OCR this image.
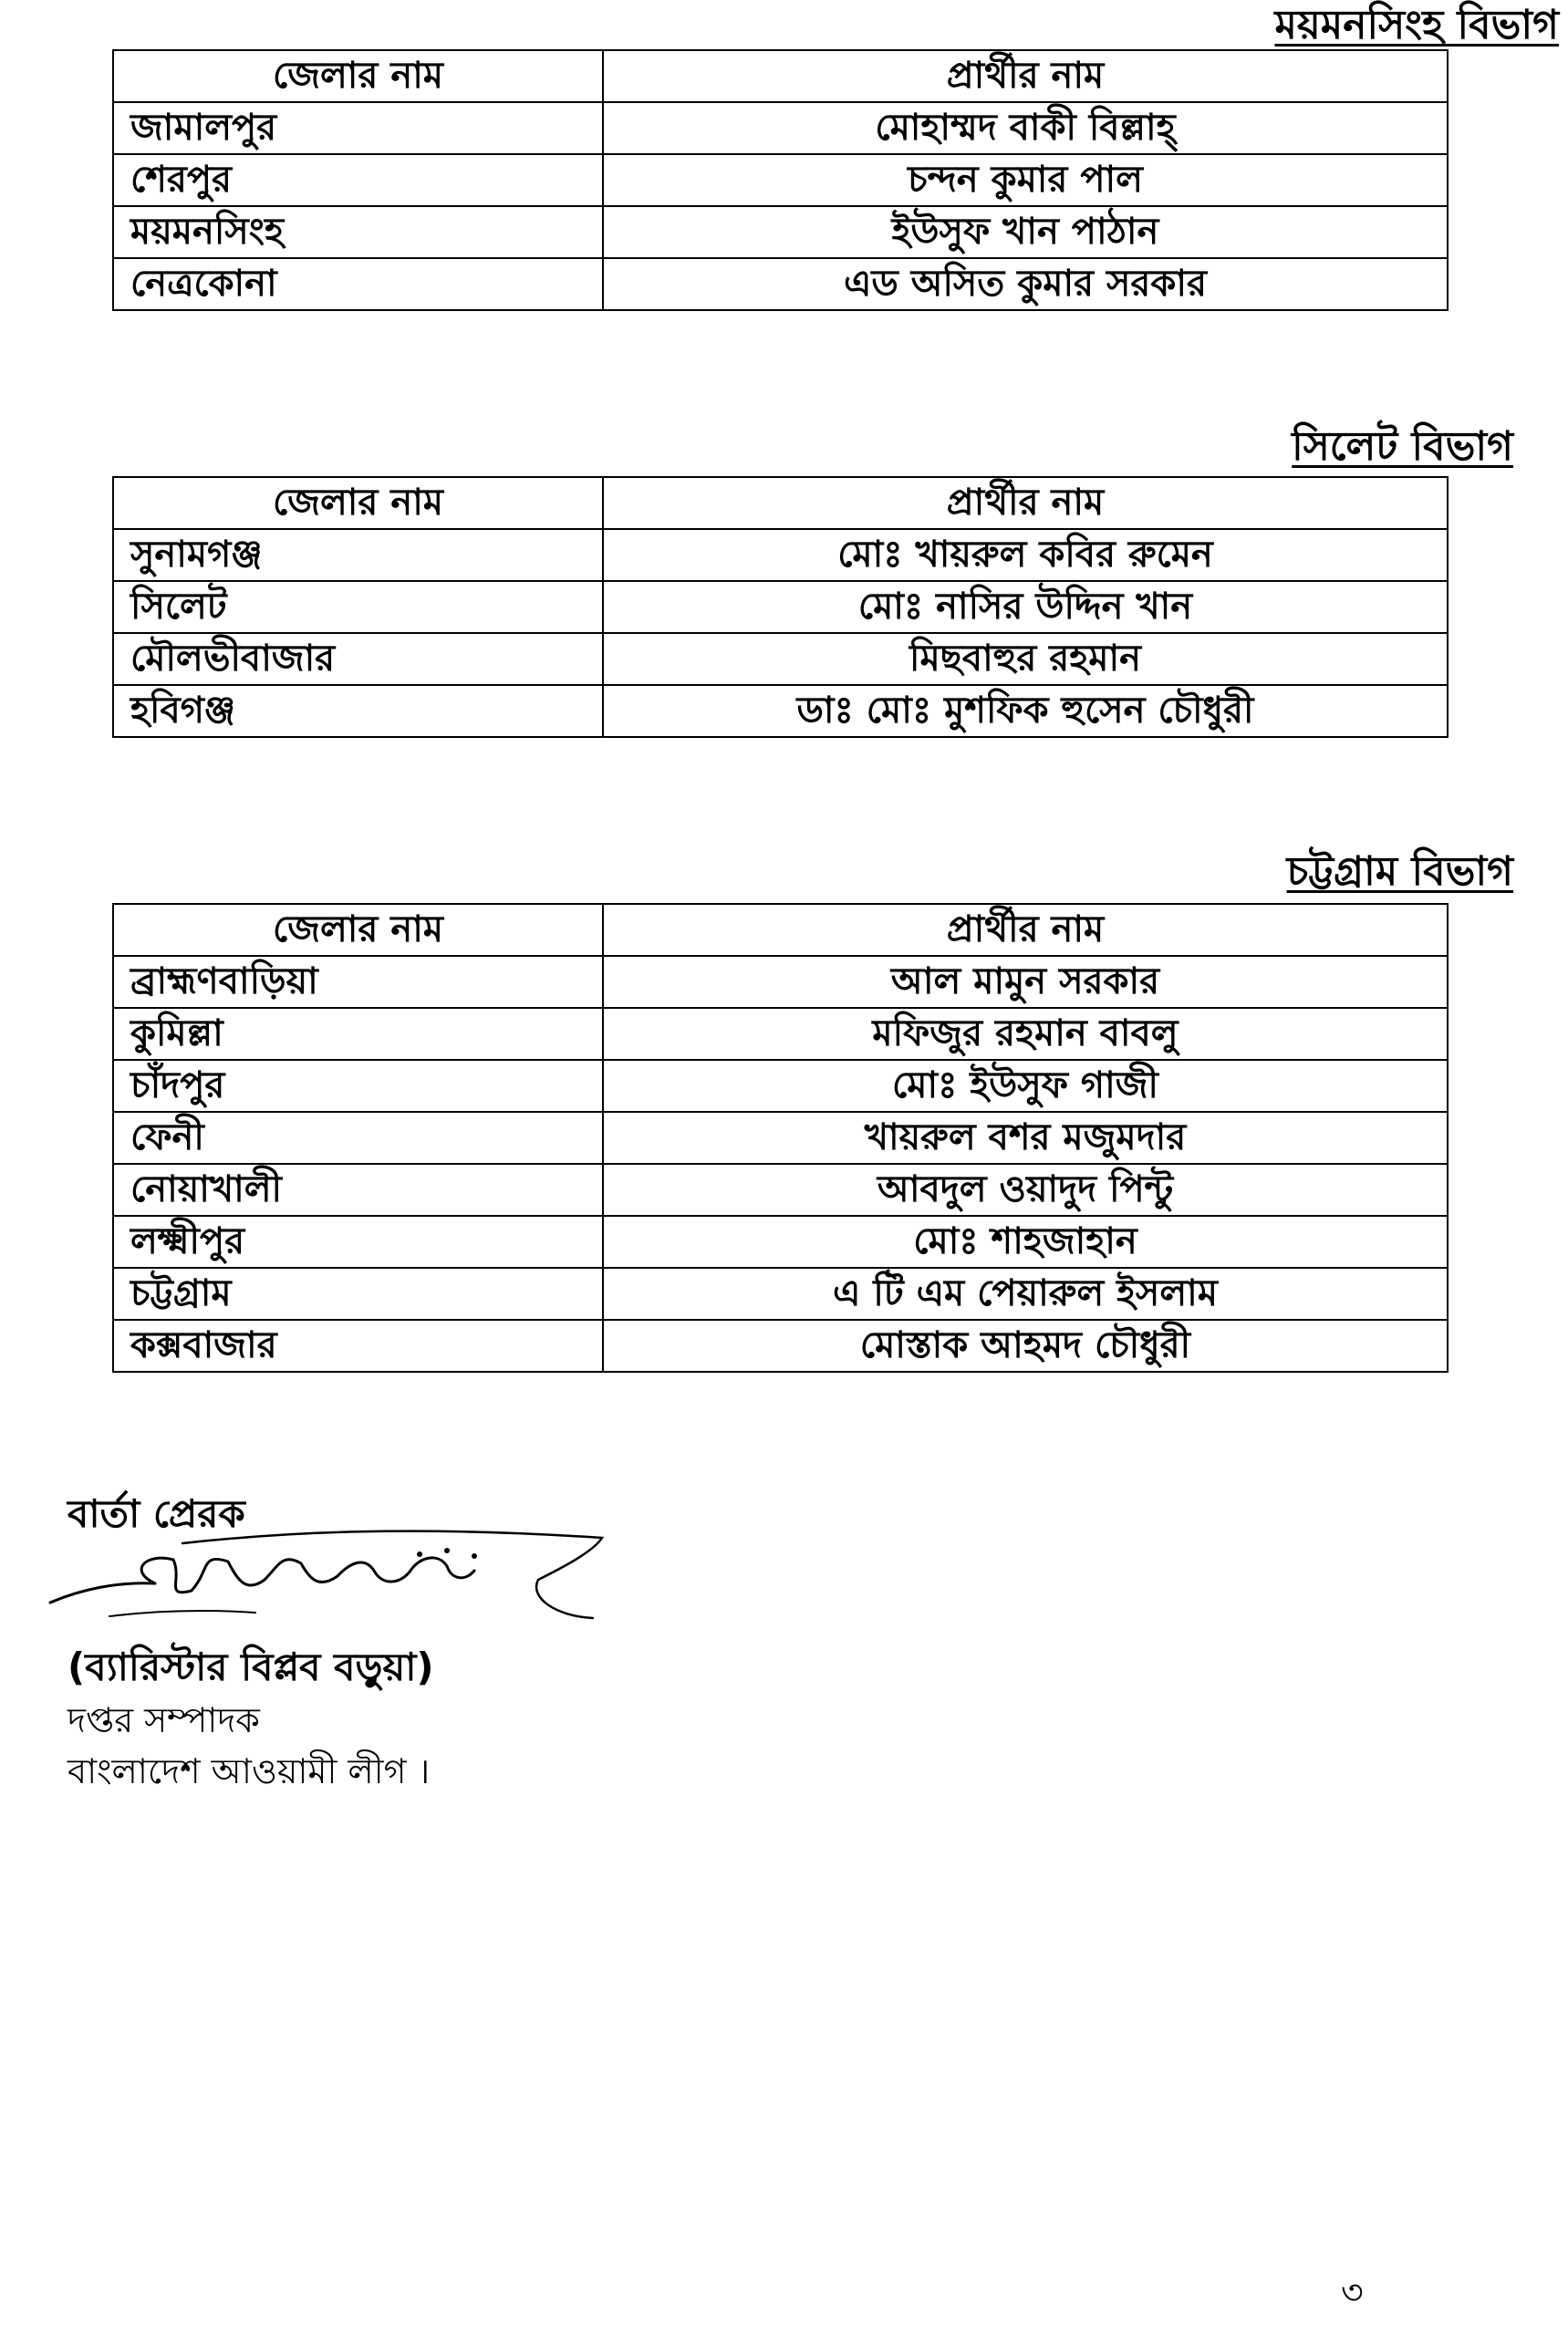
ময়মনসিংহ বিভাগ
জেলার নাম	প্রার্থীর নাম
জামালপুর	মোহাম্মদ বাকী বিল্লাহ্
শেরপুর	চন্দন কুমার পাল
ময়মনসিংহ	ইউসুফ খান পাঠান
নেত্রকোনা	এড অসিত কুমার সরকার
সিলেট বিভাগ
জেলার নাম	প্রার্থীর নাম
সুনামগঞ্জ	মোঃ খায়রুল কবির রুমেন
সিলেট	মোঃ নাসির উদ্দিন খান
মৌলভীবাজার	মিছবাহুর রহমান
হবিগঞ্জ	ডাঃ মোঃ মুশফিক হুসেন চৌধুরী
চট্টগ্রাম বিভাগ
জেলার নাম	প্রার্থীর নাম
ব্রাহ্মণবাড়িয়া	আল মামুন সরকার
কুমিল্লা	মফিজুর রহমান বাবলু
চাঁদপুর	মোঃ ইউসুফ গাজী
ফেনী	খায়রুল বশর মজুমদার
নোয়াখালী	আবদুল ওয়াদুদ পিন্টু
লক্ষ্মীপুর	মোঃ শাহজাহান
চট্টগ্রাম	এ টি এম পেয়ারুল ইসলাম
কক্সবাজার	মোস্তাক আহমদ চৌধুরী
বার্তা প্রেরক
(ব্যারিস্টার বিপ্লব বড়ুয়া)
দপ্তর সম্পাদক
বাংলাদেশ আওয়ামী লীগ ।
৩
